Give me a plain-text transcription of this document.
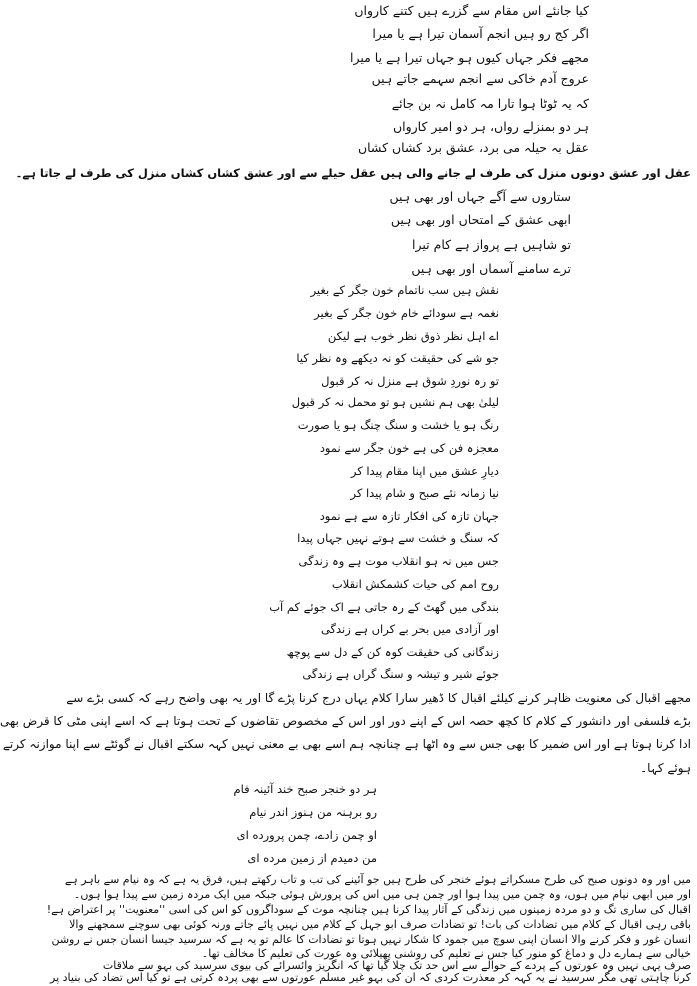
کیا جانئے اس مقام سے گزرے ہیں کتنے کارواں
اگر کج رو ہیں انجم آسمان تیرا ہے یا میرا
مجھے فکر جہاں کیوں ہو جہاں تیرا ہے یا میرا
عروج آدم خاکی سے انجم سہمے جاتے ہیں
کہ یہ ٹوٹا ہوا تارا مہ کامل نہ بن جائے
ہر دو بمنزلے رواں، ہر دو امیر کارواں
عقل بہ حیلہ می برد، عشق برد کشاں کشاں
عقل اور عشق دونوں منزل کی طرف لے جانے والی ہیں عقل حیلے سے اور عشق کشاں کشاں منزل کی طرف لے جاتا ہے۔
ستاروں سے آگے جہاں اور بھی ہیں
ابھی عشق کے امتحاں اور بھی ہیں
تو شاہیں ہے پرواز ہے کام تیرا
ترے سامنے آسماں اور بھی ہیں
نقش ہیں سب ناتمام خون جگر کے بغیر
نغمہ ہے سودائے خام خون جگر کے بغیر
اے اہل نظر ذوق نظر خوب ہے لیکن
جو شے کی حقیقت کو نہ دیکھے وہ نظر کیا
تو رہ نوردِ شوق ہے منزل نہ کر قبول
لیلیٰ بھی ہم نشیں ہو تو محمل نہ کر قبول
رنگ ہو یا خشت و سنگ چنگ ہو یا صورت
معجزہ فن کی ہے خون جگر سے نمود
دیارِ عشق میں اپنا مقام پیدا کر
نیا زمانہ نئے صبح و شام پیدا کر
جہان تازہ کی افکار تازہ سے ہے نمود
کہ سنگ و خشت سے ہوتے نہیں جہاں پیدا
جس میں نہ ہو انقلاب موت ہے وہ زندگی
روح امم کی حیات کشمکش انقلاب
بندگی میں گھٹ کے رہ جاتی ہے اک جوئے کم آب
اور آزادی میں بحر بے کراں ہے زندگی
زندگانی کی حقیقت کوہ کن کے دل سے پوچھ
جوئے شیر و تیشہ و سنگ گراں ہے زندگی
مجھے اقبال کی معنویت ظاہر کرنے کیلئے اقبال کا ڈھیر سارا کلام یہاں درج کرنا پڑے گا اور یہ بھی واضح رہے کہ کسی بڑے سے
بڑے فلسفی اور دانشور کے کلام کا کچھ حصہ اس کے اپنے دور اور اس کے مخصوص تقاضوں کے تحت ہوتا ہے کہ اسے اپنی مٹی کا قرض بھی
ادا کرنا ہوتا ہے اور اس ضمیر کا بھی جس سے وہ اٹھا ہے چنانچہ ہم اسے بھی بے معنی نہیں کہہ سکتے اقبال نے گوئٹے سے اپنا موازنہ کرتے
ہوئے کہا۔
ہر دو خنجر صبح خند آئینہ فام
رو برہنہ من ہنوز اندر نیام
او چمن زادے، چمن پرورده ای
من دمیدم از زمین مرده ای
میں اور وہ دونوں صبح کی طرح مسکراتے ہوئے خنجر کی طرح ہیں جو آئینے کی تب و تاب رکھتے ہیں، فرق یہ ہے کہ وہ نیام سے باہر ہے
اور میں ابھی نیام میں ہوں، وہ چمن میں پیدا ہوا اور چمن ہی میں اس کی پرورش ہوئی جبکہ میں ایک مردہ زمین سے پیدا ہوا ہوں۔
اقبال کی ساری تگ و دو مردہ زمینوں میں زندگی کے آثار پیدا کرنا ہیں چنانچہ موت کے سوداگروں کو اس کی اسی ''معنویت'' پر اعتراض ہے!
باقی رہی اقبال کے کلام میں تضادات کی بات! تو تضادات صرف ابو جہل کے کلام میں نہیں پائے جاتے ورنہ کوئی بھی سوچنے سمجھنے والا
انسان غور و فکر کرنے والا انسان اپنی سوچ میں جمود کا شکار نہیں ہوتا تو تضادات کا عالم تو یہ ہے کہ سرسید جیسا انسان جس نے روشن
خیالی سے ہمارے دل و دماغ کو منور کیا جس نے تعلیم کی روشنی پھیلائی وہ عورت کی تعلیم کا مخالف تھا۔
صرف یہی نہیں وہ عورتوں کے پردے کے حوالے سے اس حد تک چلا گیا تھا کہ انگریز وائسرائے کی بیوی سرسید کی بہو سے ملاقات
کرنا چاہتی تھی مگر سرسید نے یہ کہہ کر معذرت کردی کہ ان کی بہو غیر مسلم عورتوں سے بھی پردہ کرتی ہے تو کیا اس تضاد کی بنیاد پر
